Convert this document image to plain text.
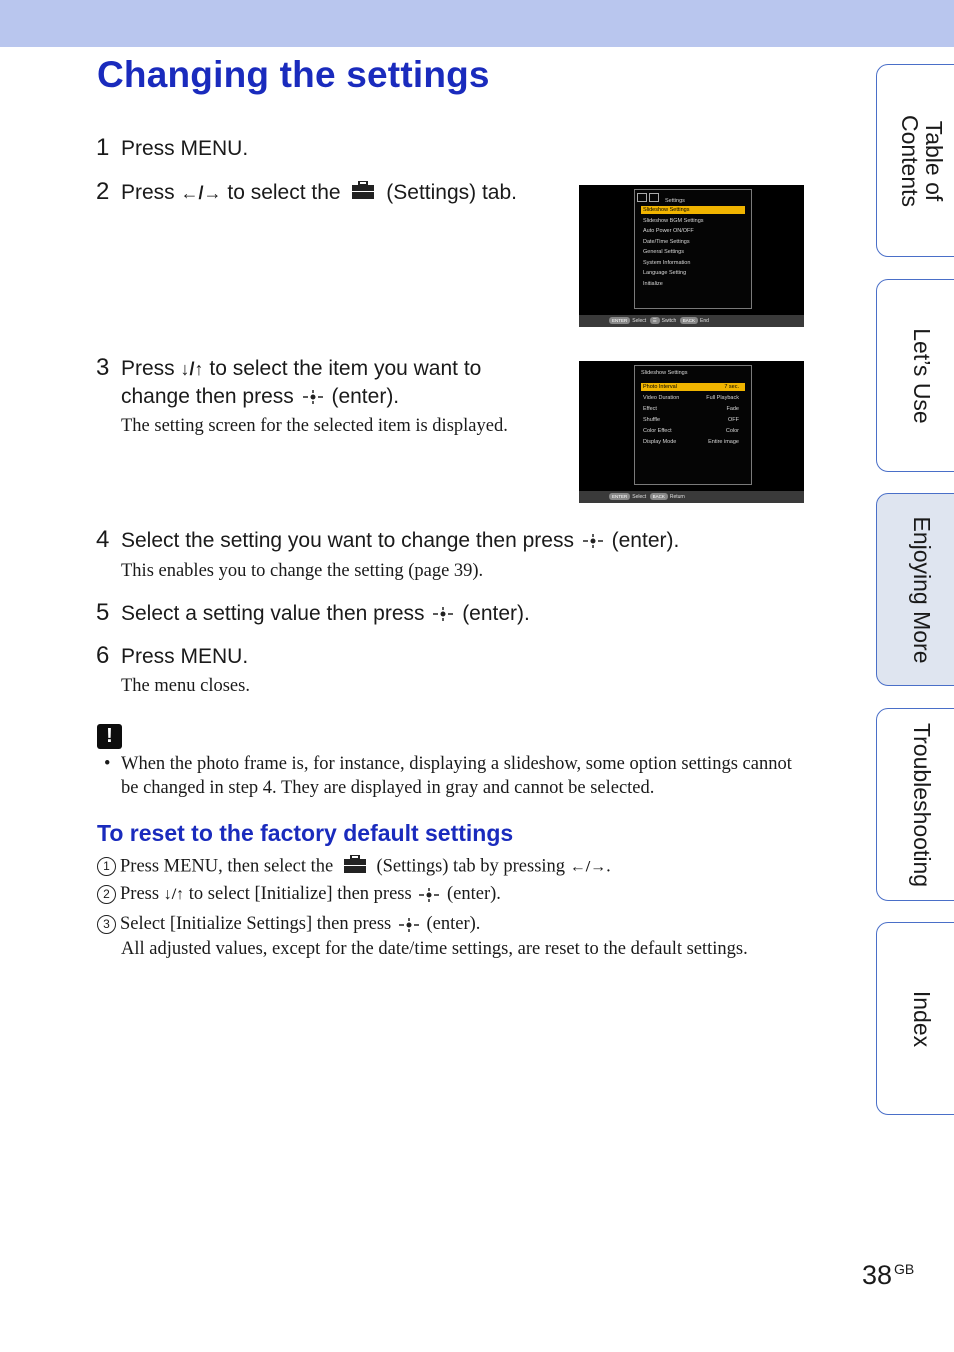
Changing the settings
1 Press MENU.
2 Press ←/→ to select the  (Settings) tab.	Settings
Slideshow Settings
Slideshow BGM Settings
Auto Power ON/OFF
Date/Time Settings
General Settings
System Information
Language Setting
Initialize
ENTER Select ☰ Switch BACK End
3 Press ↓/↑ to select the item you want to
change then press
(enter).
The setting screen for the selected item is displayed.
Slideshow Settings
Photo Interval	7 sec.
Video Duration	Full Playback
Effect	Fade
Shuffle	OFF
Color Effect	Color
Display Mode	Entire image
ENTER Select BACK Return
4 Select the setting you want to change then press
(enter).
This enables you to change the setting (page 39).
5 Select a setting value then press
(enter).
6 Press MENU.
The menu closes.
!
• When the photo frame is, for instance, displaying a slideshow, some option settings cannot
be changed in step 4. They are displayed in gray and cannot be selected.
To reset to the factory default settings
1 Press MENU, then select the  (Settings) tab by pressing ←/→.
2 Press ↓/↑ to select [Initialize] then press
(enter).
3 Select [Initialize Settings] then press
(enter).
All adjusted values, except for the date/time settings, are reset to the default settings.
Table of
Contents
Let’s Use
Enjoying More
Troubleshooting
Index
38 $^{GB}$
